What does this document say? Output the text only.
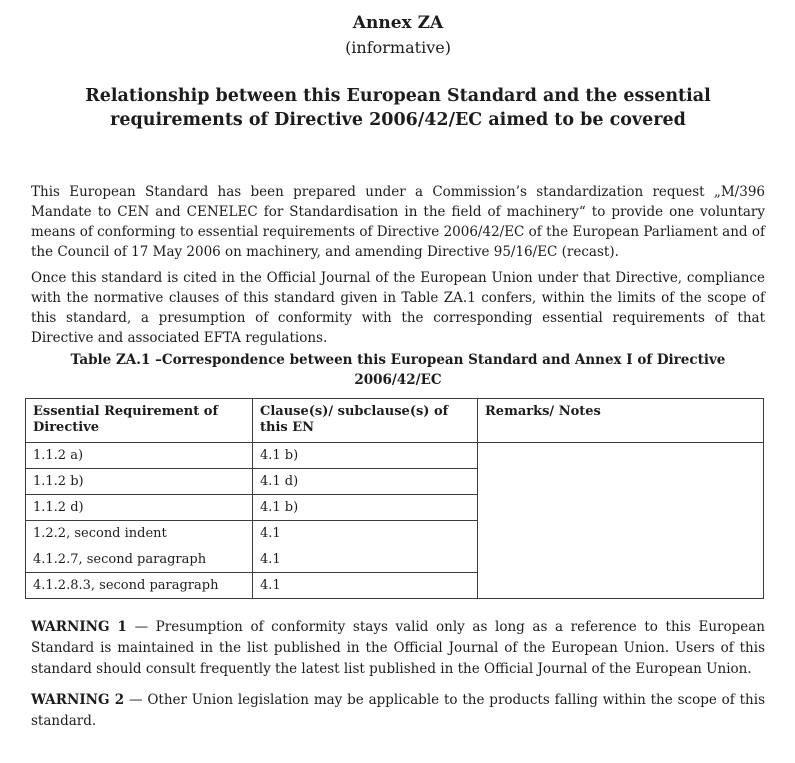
Annex ZA
(informative)
Relationship between this European Standard and the essential requirements of Directive 2006/42/EC aimed to be covered

This European Standard has been prepared under a Commission’s standardization request „M/396 Mandate to CEN and CENELEC for Standardisation in the field of machinery“ to provide one voluntary means of conforming to essential requirements of Directive 2006/42/EC of the European Parliament and of the Council of 17 May 2006 on machinery, and amending Directive 95/16/EC (recast).

Once this standard is cited in the Official Journal of the European Union under that Directive, compliance with the normative clauses of this standard given in Table ZA.1 confers, within the limits of the scope of this standard, a presumption of conformity with the corresponding essential requirements of that Directive and associated EFTA regulations.

Table ZA.1 –Correspondence between this European Standard and Annex I of Directive 2006/42/EC
Essential Requirement of Directive	Clause(s)/ subclause(s) of this EN	Remarks/ Notes
1.1.2 a)	4.1 b)	
1.1.2 b)	4.1 d)	
1.1.2 d)	4.1 b)	
1.2.2, second indent	4.1	
4.1.2.7, second paragraph	4.1	
4.1.2.8.3, second paragraph	4.1	

WARNING 1 — Presumption of conformity stays valid only as long as a reference to this European Standard is maintained in the list published in the Official Journal of the European Union. Users of this standard should consult frequently the latest list published in the Official Journal of the European Union.

WARNING 2 — Other Union legislation may be applicable to the products falling within the scope of this standard.
